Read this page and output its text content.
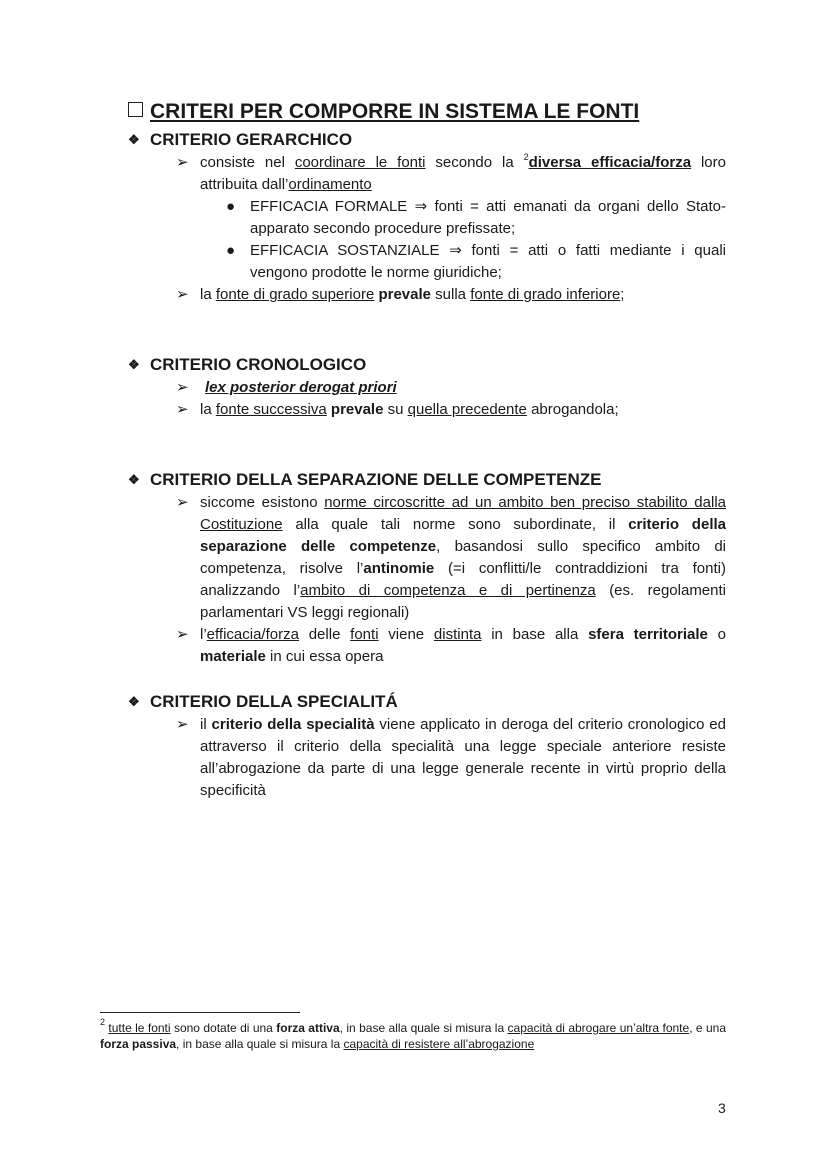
CRITERI PER COMPORRE IN SISTEMA LE FONTI
❖ CRITERIO GERARCHICO
➢ consiste nel coordinare le fonti secondo la $^2$diversa efficacia/forza loro attribuita dall’ordinamento
● EFFICACIA FORMALE ⇒ fonti = atti emanati da organi dello Stato-apparato secondo procedure prefissate;
● EFFICACIA SOSTANZIALE ⇒ fonti = atti o fatti mediante i quali vengono prodotte le norme giuridiche;
➢ la fonte di grado superiore prevale sulla fonte di grado inferiore;
❖ CRITERIO CRONOLOGICO
➢ lex posterior derogat priori
➢ la fonte successiva prevale su quella precedente abrogandola;
❖ CRITERIO DELLA SEPARAZIONE DELLE COMPETENZE
➢ siccome esistono norme circoscritte ad un ambito ben preciso stabilito dalla Costituzione alla quale tali norme sono subordinate, il criterio della separazione delle competenze, basandosi sullo specifico ambito di competenza, risolve l’antinomie (=i conflitti/le contraddizioni tra fonti) analizzando l’ambito di competenza e di pertinenza (es. regolamenti parlamentari VS leggi regionali)
➢ l’efficacia/forza delle fonti viene distinta in base alla sfera territoriale o materiale in cui essa opera
❖ CRITERIO DELLA SPECIALITÁ
➢ il criterio della specialità viene applicato in deroga del criterio cronologico ed attraverso il criterio della specialità una legge speciale anteriore resiste all’abrogazione da parte di una legge generale recente in virtù proprio della specificità
$^2$ tutte le fonti sono dotate di una forza attiva, in base alla quale si misura la capacità di abrogare un’altra fonte, e una forza passiva, in base alla quale si misura la capacità di resistere all’abrogazione
3
